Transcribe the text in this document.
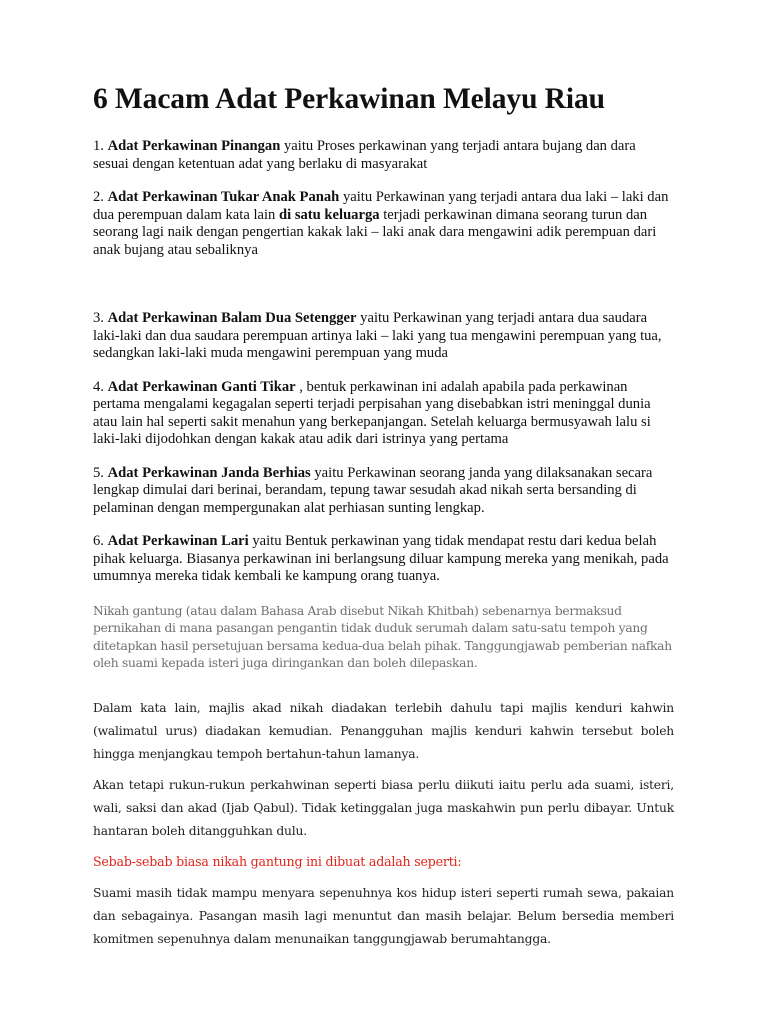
6 Macam Adat Perkawinan Melayu Riau

1. Adat Perkawinan Pinangan yaitu Proses perkawinan yang terjadi antara bujang dan dara sesuai dengan ketentuan adat yang berlaku di masyarakat

2. Adat Perkawinan Tukar Anak Panah yaitu Perkawinan yang terjadi antara dua laki – laki dan dua perempuan dalam kata lain di satu keluarga terjadi perkawinan dimana seorang turun dan seorang lagi naik dengan pengertian kakak laki – laki anak dara mengawini adik perempuan dari anak bujang atau sebaliknya

3. Adat Perkawinan Balam Dua Setengger yaitu Perkawinan yang terjadi antara dua saudara laki-laki dan dua saudara perempuan artinya laki – laki yang tua mengawini perempuan yang tua, sedangkan laki-laki muda mengawini perempuan yang muda

4. Adat Perkawinan Ganti Tikar , bentuk perkawinan ini adalah apabila pada perkawinan pertama mengalami kegagalan seperti terjadi perpisahan yang disebabkan istri meninggal dunia atau lain hal seperti sakit menahun yang berkepanjangan. Setelah keluarga bermusyawah lalu si laki-laki dijodohkan dengan kakak atau adik dari istrinya yang pertama

5. Adat Perkawinan Janda Berhias yaitu Perkawinan seorang janda yang dilaksanakan secara lengkap dimulai dari berinai, berandam, tepung tawar sesudah akad nikah serta bersanding di pelaminan dengan mempergunakan alat perhiasan sunting lengkap.

6. Adat Perkawinan Lari yaitu Bentuk perkawinan yang tidak mendapat restu dari kedua belah pihak keluarga. Biasanya perkawinan ini berlangsung diluar kampung mereka yang menikah, pada umumnya mereka tidak kembali ke kampung orang tuanya.

Nikah gantung (atau dalam Bahasa Arab disebut Nikah Khitbah) sebenarnya bermaksud pernikahan di mana pasangan pengantin tidak duduk serumah dalam satu-satu tempoh yang ditetapkan hasil persetujuan bersama kedua-dua belah pihak. Tanggungjawab pemberian nafkah oleh suami kepada isteri juga diringankan dan boleh dilepaskan.

Dalam kata lain, majlis akad nikah diadakan terlebih dahulu tapi majlis kenduri kahwin (walimatul urus) diadakan kemudian. Penangguhan majlis kenduri kahwin tersebut boleh hingga menjangkau tempoh bertahun-tahun lamanya.

Akan tetapi rukun-rukun perkahwinan seperti biasa perlu diikuti iaitu perlu ada suami, isteri, wali, saksi dan akad (Ijab Qabul). Tidak ketinggalan juga maskahwin pun perlu dibayar. Untuk hantaran boleh ditangguhkan dulu.

Sebab-sebab biasa nikah gantung ini dibuat adalah seperti:

Suami masih tidak mampu menyara sepenuhnya kos hidup isteri seperti rumah sewa, pakaian dan sebagainya. Pasangan masih lagi menuntut dan masih belajar. Belum bersedia memberi komitmen sepenuhnya dalam menunaikan tanggungjawab berumahtangga.
